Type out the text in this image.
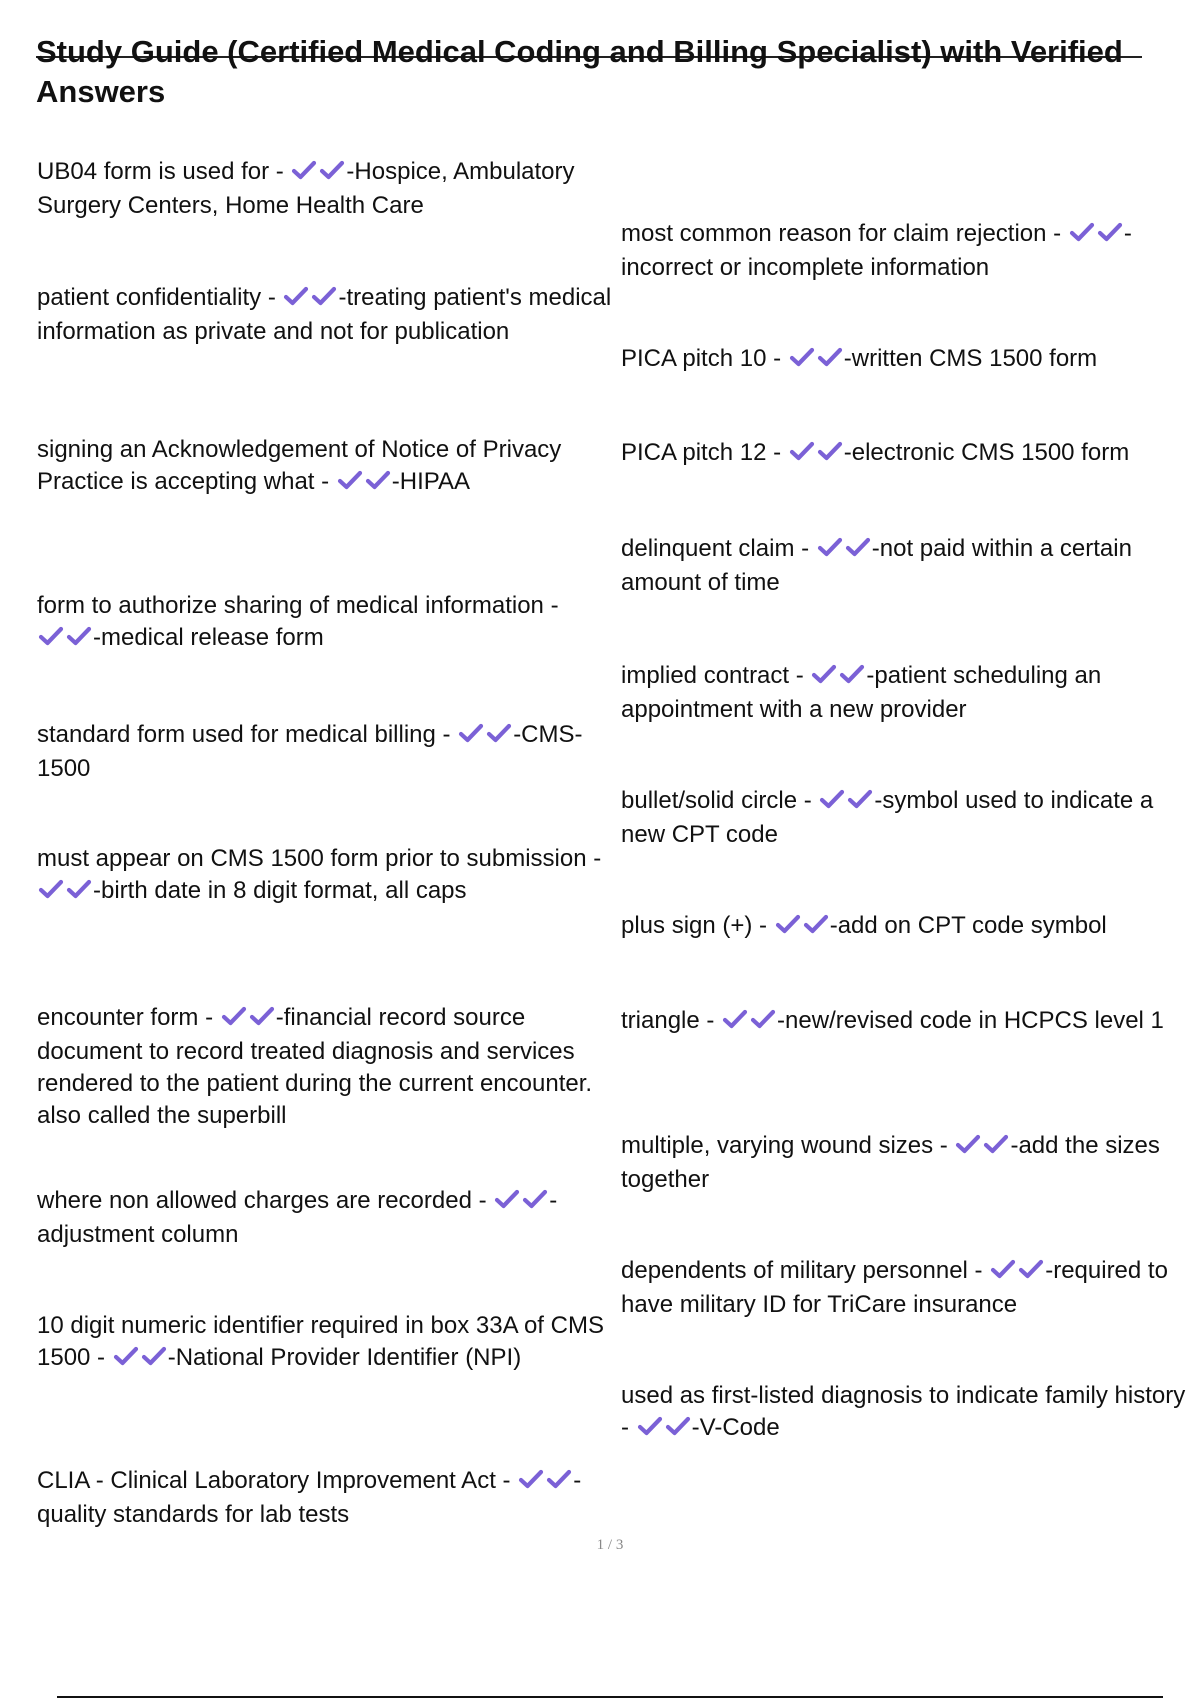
Study Guide (Certified Medical Coding and Billing Specialist) with Verified Answers

UB04 form is used for -
-Hospice, Ambulatory Surgery Centers, Home Health Care

patient confidentiality -
-treating patient's medical information as private and not for publication

signing an Acknowledgement of Notice of Privacy Practice is accepting what -
-HIPAA

form to authorize sharing of medical information -
-medical release form

standard form used for medical billing -
-CMS-1500

must appear on CMS 1500 form prior to submission -
-birth date in 8 digit format, all caps

encounter form -
-financial record source document to record treated diagnosis and services rendered to the patient during the current encounter. also called the superbill

where non allowed charges are recorded -
-adjustment column

10 digit numeric identifier required in box 33A of CMS 1500 -
-National Provider Identifier (NPI)

CLIA - Clinical Laboratory Improvement Act -
-quality standards for lab tests

most common reason for claim rejection -
-incorrect or incomplete information

PICA pitch 10 -
-written CMS 1500 form

PICA pitch 12 -
-electronic CMS 1500 form

delinquent claim -
-not paid within a certain amount of time

implied contract -
-patient scheduling an appointment with a new provider

bullet/solid circle -
-symbol used to indicate a new CPT code

plus sign (+) -
-add on CPT code symbol

triangle -
-new/revised code in HCPCS level 1

multiple, varying wound sizes -
-add the sizes together

dependents of military personnel -
-required to have military ID for TriCare insurance

used as first-listed diagnosis to indicate family history -
-V-Code

1 / 3
